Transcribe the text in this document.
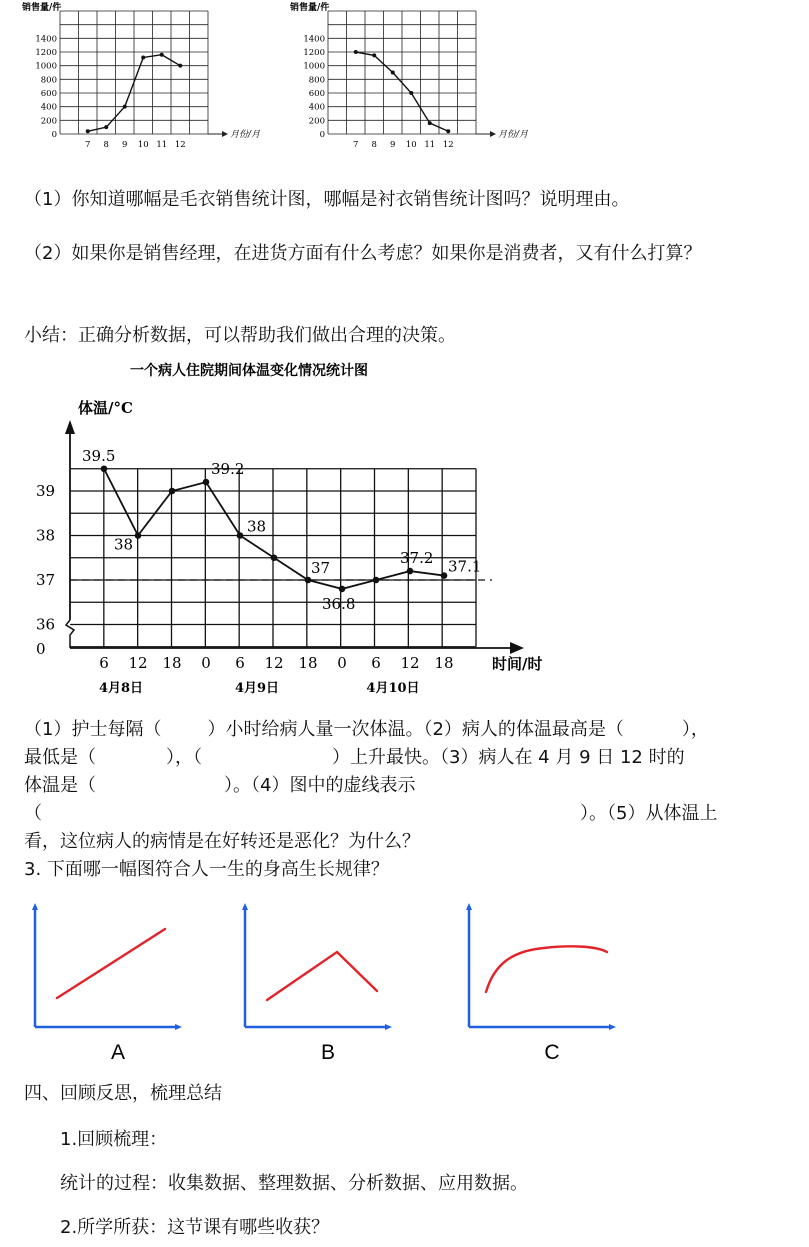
销售量/件
月份/月
1400
1200
1000
800
600
400
200
0
7 8 9 10 11 12
销售量/件
月份/月
1400
1200
1000
800
600
400
200
0
7 8 9 10 11 12
（1）你知道哪幅是毛衣销售统计图，哪幅是衬衣销售统计图吗？说明理由。
（2）如果你是销售经理，在进货方面有什么考虑？如果你是消费者，又有什么打算？
小结：正确分析数据，可以帮助我们做出合理的决策。
一个病人住院期间体温变化情况统计图
体温/°C
时间/时
39
38
37
36
0
6 12 18 0 6 12 18 0 6 12 18
4月8日	4月9日	4月10日
39.5
38
39.2
38
37
36.8
37.2 37.1
（1）护士每隔（	）小时给病人量一次体温。（2）病人的体温最高是（	），
最低是（	），（	）上升最快。（3）病人在 4 月 9 日 12 时的
体温是（	）。（4）图中的虚线表示
（	）。（5）从体温上
看，这位病人的病情是在好转还是恶化？为什么？
3. 下面哪一幅图符合人一生的身高生长规律？
A	B	C
四、回顾反思，梳理总结
1.回顾梳理：
统计的过程：收集数据、整理数据、分析数据、应用数据。
2.所学所获：这节课有哪些收获？
